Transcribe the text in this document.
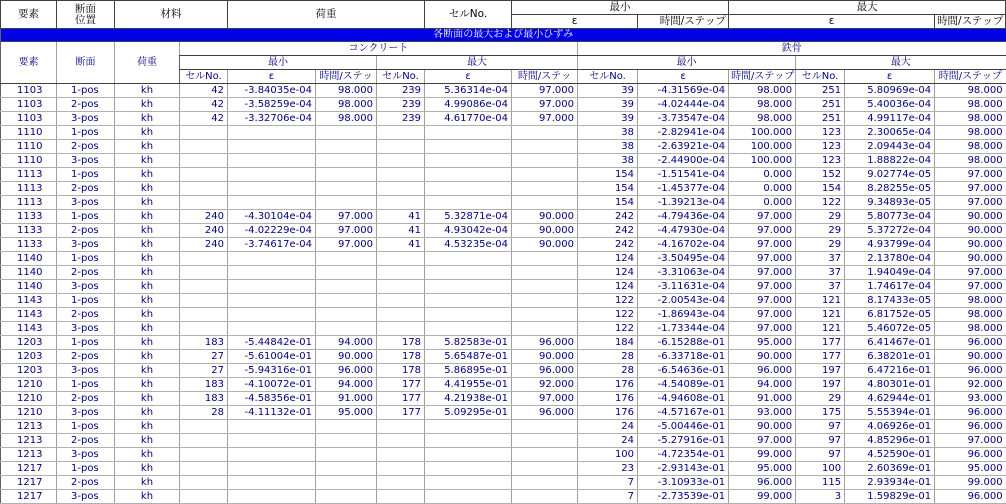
要素	断面
位置	材料		荷重			セルNo.	最小			最大			
								ε		時間/ステップ	ε			時間/ステップ
各断面の最大および最小ひずみ														
要素	断面	荷重	コンクリート						鉄骨					
			最小			最大			最小			最大		
			セルNo.	ε	時間/ステッ	セルNo.	ε	時間/ステッ	セルNo.	ε	時間/ステップ	セルNo.	ε	時間/ステップ
1103	1-pos	kh	42	-3.84035e-04	98.000	239	5.36314e-04	97.000	39	-4.31569e-04	98.000	251	5.80969e-04	98.000
1103	2-pos	kh	42	-3.58259e-04	98.000	239	4.99086e-04	97.000	39	-4.02444e-04	98.000	251	5.40036e-04	98.000
1103	3-pos	kh	42	-3.32706e-04	98.000	239	4.61770e-04	97.000	39	-3.73547e-04	98.000	251	4.99117e-04	98.000
1110	1-pos	kh							38	-2.82941e-04	100.000	123	2.30065e-04	98.000
1110	2-pos	kh							38	-2.63921e-04	100.000	123	2.09443e-04	98.000
1110	3-pos	kh							38	-2.44900e-04	100.000	123	1.88822e-04	98.000
1113	1-pos	kh							154	-1.51541e-04	0.000	152	9.02774e-05	97.000
1113	2-pos	kh							154	-1.45377e-04	0.000	154	8.28255e-05	97.000
1113	3-pos	kh							154	-1.39213e-04	0.000	122	9.34893e-05	97.000
1133	1-pos	kh	240	-4.30104e-04	97.000	41	5.32871e-04	90.000	242	-4.79436e-04	97.000	29	5.80773e-04	90.000
1133	2-pos	kh	240	-4.02229e-04	97.000	41	4.93042e-04	90.000	242	-4.47930e-04	97.000	29	5.37272e-04	90.000
1133	3-pos	kh	240	-3.74617e-04	97.000	41	4.53235e-04	90.000	242	-4.16702e-04	97.000	29	4.93799e-04	90.000
1140	1-pos	kh							124	-3.50495e-04	97.000	37	2.13780e-04	90.000
1140	2-pos	kh							124	-3.31063e-04	97.000	37	1.94049e-04	97.000
1140	3-pos	kh							124	-3.11631e-04	97.000	37	1.74617e-04	97.000
1143	1-pos	kh							122	-2.00543e-04	97.000	121	8.17433e-05	98.000
1143	2-pos	kh							122	-1.86943e-04	97.000	121	6.81752e-05	98.000
1143	3-pos	kh							122	-1.73344e-04	97.000	121	5.46072e-05	98.000
1203	1-pos	kh	183	-5.44842e-01	94.000	178	5.82583e-01	96.000	184	-6.15288e-01	95.000	177	6.41467e-01	96.000
1203	2-pos	kh	27	-5.61004e-01	90.000	178	5.65487e-01	90.000	28	-6.33718e-01	90.000	177	6.38201e-01	90.000
1203	3-pos	kh	27	-5.94316e-01	96.000	178	5.86895e-01	96.000	28	-6.54636e-01	96.000	197	6.47216e-01	96.000
1210	1-pos	kh	183	-4.10072e-01	94.000	177	4.41955e-01	92.000	176	-4.54089e-01	94.000	197	4.80301e-01	92.000
1210	2-pos	kh	183	-4.58356e-01	91.000	177	4.21938e-01	97.000	176	-4.94608e-01	91.000	29	4.62944e-01	93.000
1210	3-pos	kh	28	-4.11132e-01	95.000	177	5.09295e-01	96.000	176	-4.57167e-01	93.000	175	5.55394e-01	96.000
1213	1-pos	kh							24	-5.00446e-01	90.000	97	4.06926e-01	96.000
1213	2-pos	kh							24	-5.27916e-01	97.000	97	4.85296e-01	97.000
1213	3-pos	kh							100	-4.72354e-01	99.000	97	4.52590e-01	96.000
1217	1-pos	kh							23	-2.93143e-01	95.000	100	2.60369e-01	95.000
1217	2-pos	kh							7	-3.10933e-01	96.000	115	2.93934e-01	99.000
1217	3-pos	kh							7	-2.73539e-01	99.000	3	1.59829e-01	96.000
